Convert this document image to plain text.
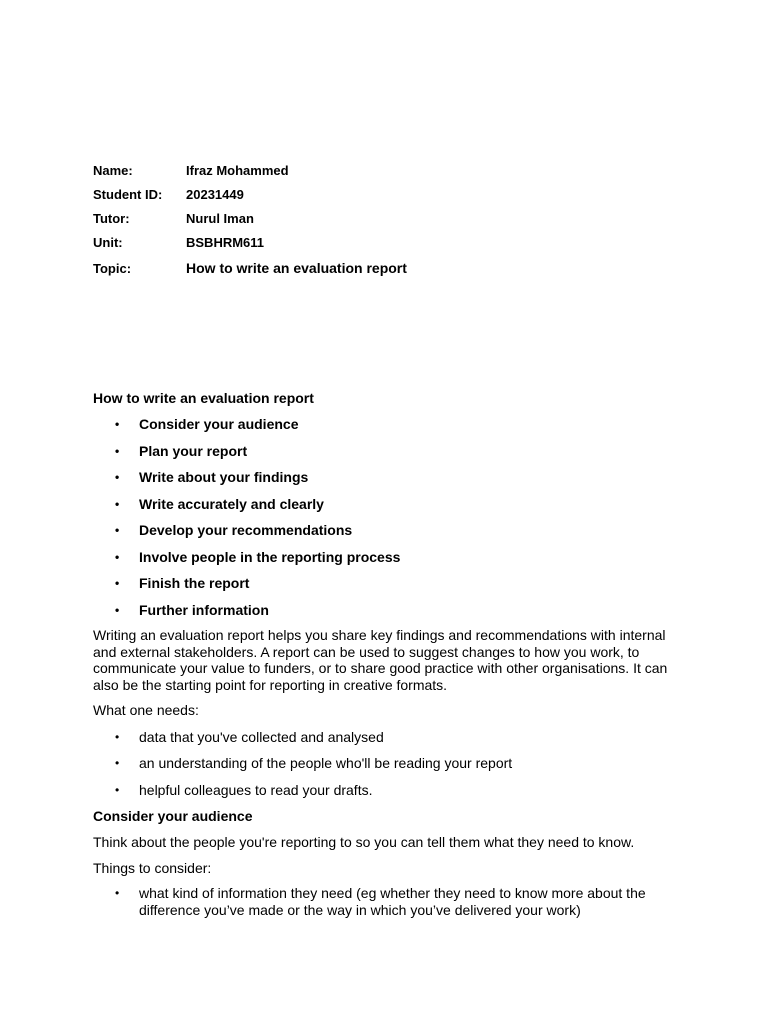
Name:	Ifraz Mohammed
Student ID: 20231449
Tutor:	Nurul Iman
Unit:	BSBHRM611
Topic:	How to write an evaluation report
How to write an evaluation report
• Consider your audience
• Plan your report
• Write about your findings
• Write accurately and clearly
• Develop your recommendations
• Involve people in the reporting process
• Finish the report
• Further information

Writing an evaluation report helps you share key findings and recommendations with internal and external stakeholders. A report can be used to suggest changes to how you work, to communicate your value to funders, or to share good practice with other organisations. It can also be the starting point for reporting in creative formats.

What one needs:

• data that you've collected and analysed
• an understanding of the people who'll be reading your report
• helpful colleagues to read your drafts.
Consider your audience

Think about the people you're reporting to so you can tell them what they need to know.

Things to consider:

• what kind of information they need (eg whether they need to know more about the difference you’ve made or the way in which you’ve delivered your work)
